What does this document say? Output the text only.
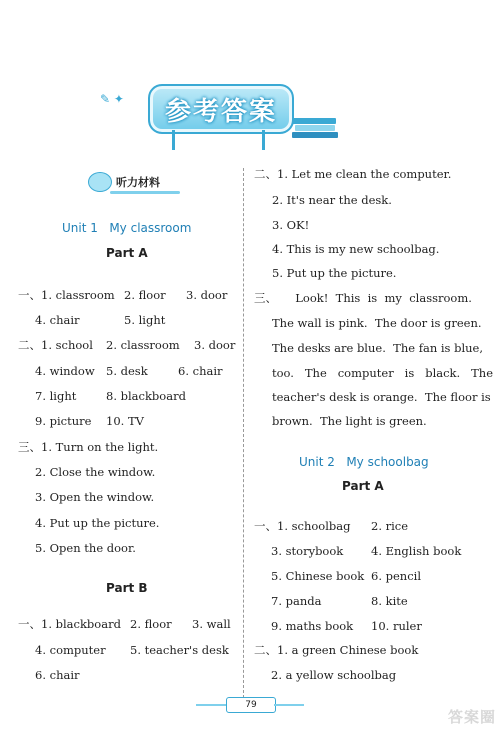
✎ ✦ 参考答案
听力材料
Unit 1   My classroom
Part A
一、1. classroom 2. floor 3. door
4. chair	5. light
二、1. school 2. classroom 3. door
4. window 5. desk	6. chair
7. light	8. blackboard
9. picture 10. TV
三、1. Turn on the light.
2. Close the window.
3. Open the window.
4. Put up the picture.
5. Open the door.
Part B
一、1. blackboard 2. floor 3. wall
4. computer 5. teacher's desk
6. chair
二、1. Let me clean the computer.
2. It's near the desk.
3. OK!
4. This is my new schoolbag.
5. Put up the picture.
三、     Look!  This  is  my  classroom.
The wall is pink.  The door is green.
The desks are blue.  The fan is blue,
too.   The   computer   is   black.   The
teacher's desk is orange.  The floor is
brown.  The light is green.
Unit 2   My schoolbag
Part A
一、1. schoolbag 2. rice
3. storybook 4. English book
5. Chinese book 6. pencil
7. panda	8. kite
9. maths book 10. ruler
二、1. a green Chinese book
2. a yellow schoolbag
79
答案圈
